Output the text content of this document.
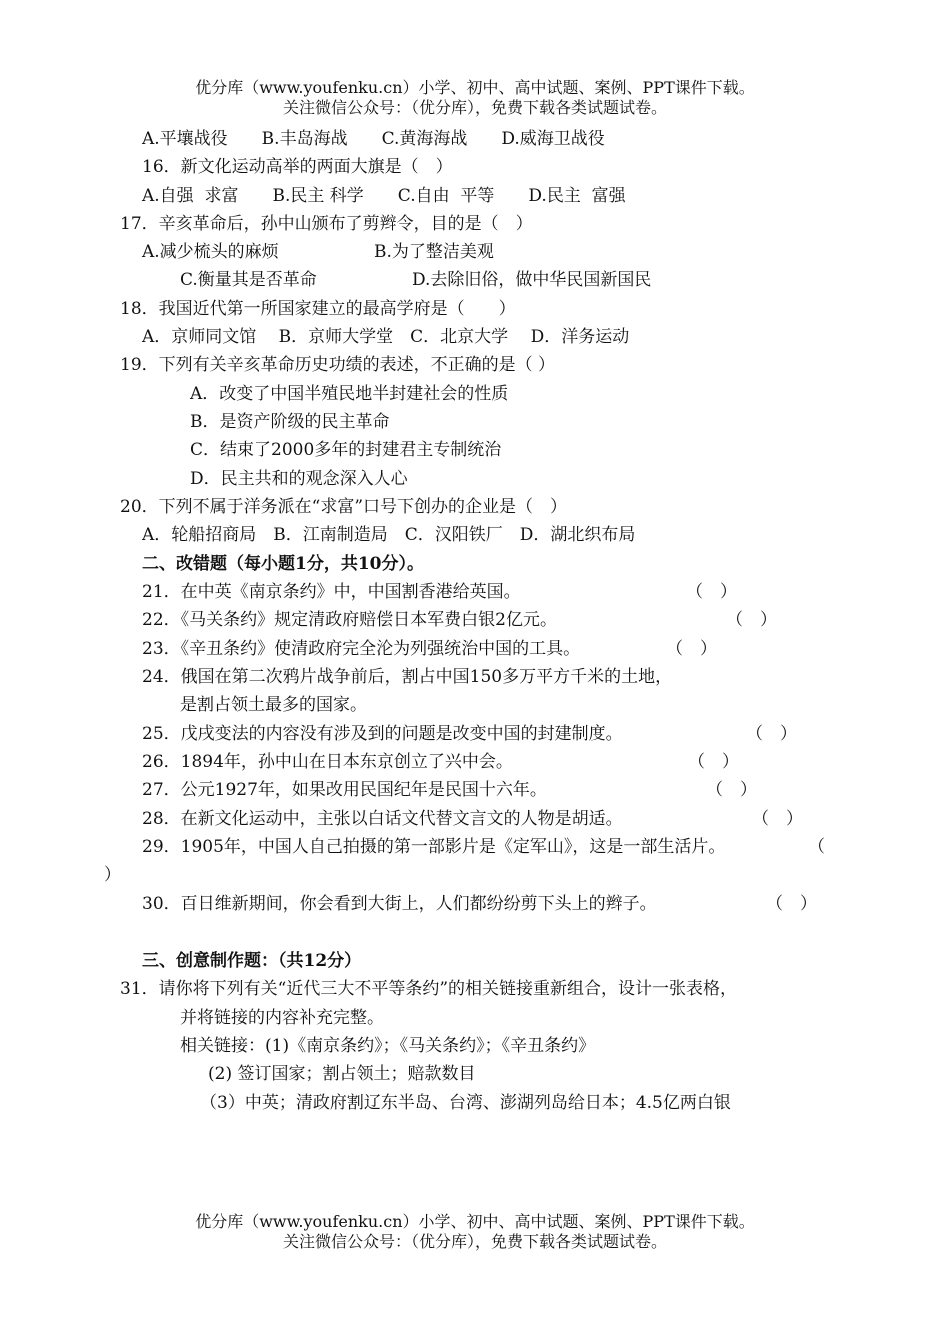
优分库（www.youfenku.cn）小学、初中、高中试题、案例、PPT课件下载。
关注微信公众号：（优分库），免费下载各类试题试卷。
A.平壤战役　　B.丰岛海战　　C.黄海海战　　D.威海卫战役
16．新文化运动高举的两面大旗是（　）
A.自强  求富　　B.民主 科学　　C.自由  平等　　D.民主  富强
17．辛亥革命后，孙中山颁布了剪辫令，目的是（　）
A.减少梳头的麻烦	B.为了整洁美观
C.衡量其是否革命	D.去除旧俗，做中华民国新国民
18．我国近代第一所国家建立的最高学府是（　　）
A．京师同文馆　 B．京师大学堂　C．北京大学　 D．洋务运动
19．下列有关辛亥革命历史功绩的表述，不正确的是（ ）
A．改变了中国半殖民地半封建社会的性质
B．是资产阶级的民主革命
C．结束了2000多年的封建君主专制统治
D．民主共和的观念深入人心
20．下列不属于洋务派在“求富”口号下创办的企业是（　）
A．轮船招商局　B．江南制造局　C．汉阳铁厂　D．湖北织布局
二、改错题（每小题1分，共10分）。
21．在中英《南京条约》中，中国割香港给英国。	（　）
22．《马关条约》规定清政府赔偿日本军费白银2亿元。	（　）
23．《辛丑条约》使清政府完全沦为列强统治中国的工具。	（　）
24．俄国在第二次鸦片战争前后，割占中国150多万平方千米的土地，
是割占领土最多的国家。
25．戊戌变法的内容没有涉及到的问题是改变中国的封建制度。	（　）
26．1894年，孙中山在日本东京创立了兴中会。	（　）
27．公元1927年，如果改用民国纪年是民国十六年。	（　）
28．在新文化运动中，主张以白话文代替文言文的人物是胡适。	（　）
29．1905年，中国人自己拍摄的第一部影片是《定军山》，这是一部生活片。	（
）
30．百日维新期间，你会看到大街上，人们都纷纷剪下头上的辫子。	（　）
三、创意制作题：（共12分）
31．请你将下列有关“近代三大不平等条约”的相关链接重新组合，设计一张表格，
并将链接的内容补充完整。
相关链接：(1)《南京条约》；《马关条约》；《辛丑条约》
(2) 签订国家；割占领土；赔款数目
（3）中英；清政府割辽东半岛、台湾、澎湖列岛给日本；4.5亿两白银
优分库（www.youfenku.cn）小学、初中、高中试题、案例、PPT课件下载。
关注微信公众号：（优分库），免费下载各类试题试卷。
